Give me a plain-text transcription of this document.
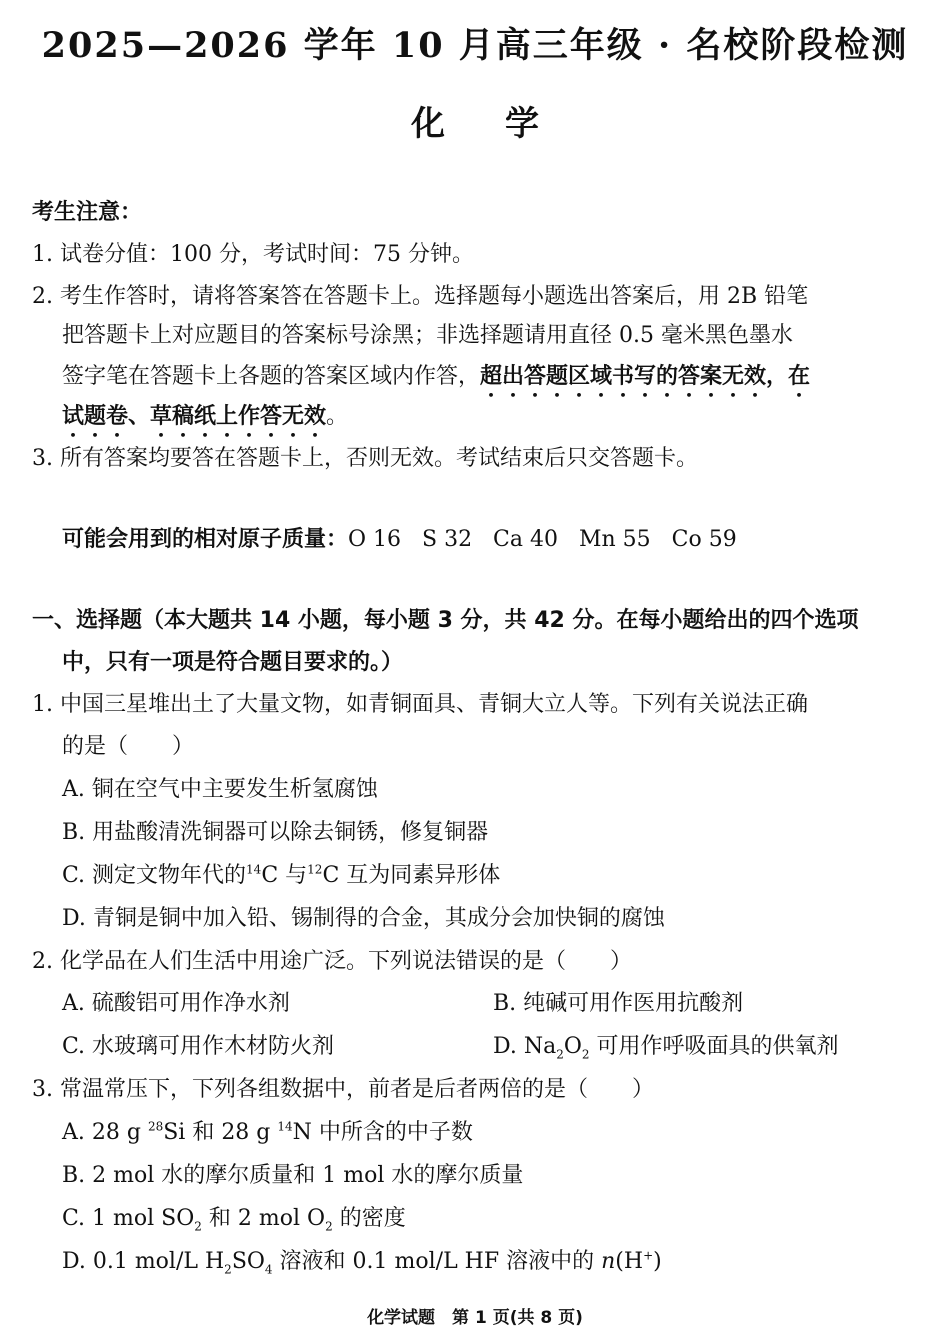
2025—2026 学年 10 月高三年级 · 名校阶段检测
化学
考生注意：
1. 试卷分值：100 分，考试时间：75 分钟。
2. 考生作答时，请将答案答在答题卡上。选择题每小题选出答案后，用 2B 铅笔
把答题卡上对应题目的答案标号涂黑；非选择题请用直径 0.5 毫米黑色墨水
签字笔在答题卡上各题的答案区域内作答，超出答题区域书写的答案无效，在
试题卷、草稿纸上作答无效。
3. 所有答案均要答在答题卡上，否则无效。考试结束后只交答题卡。
可能会用到的相对原子质量：O 16   S 32   Ca 40   Mn 55   Co 59
一、选择题（本大题共 14 小题，每小题 3 分，共 42 分。在每小题给出的四个选项
中，只有一项是符合题目要求的。）
1. 中国三星堆出土了大量文物，如青铜面具、青铜大立人等。下列有关说法正确
的是（　　）
A. 铜在空气中主要发生析氢腐蚀
B. 用盐酸清洗铜器可以除去铜锈，修复铜器
C. 测定文物年代的$^{14}$C 与$^{12}$C 互为同素异形体
D. 青铜是铜中加入铅、锡制得的合金，其成分会加快铜的腐蚀
2. 化学品在人们生活中用途广泛。下列说法错误的是（　　）
A. 硫酸铝可用作净水剂	B. 纯碱可用作医用抗酸剂
C. 水玻璃可用作木材防火剂	D. $Na_2O_2$ 可用作呼吸面具的供氧剂
3. 常温常压下，下列各组数据中，前者是后者两倍的是（　　）
A. 28 g $^{28}$Si 和 28 g $^{14}$N 中所含的中子数
B. 2 mol 水的摩尔质量和 1 mol 水的摩尔质量
C. 1 mol $SO_2$ 和 2 mol $O_2$ 的密度
D. 0.1 mol/L $H_2SO_4$ 溶液和 0.1 mol/L HF 溶液中的 n(H+)
化学试题　第 1 页(共 8 页)
